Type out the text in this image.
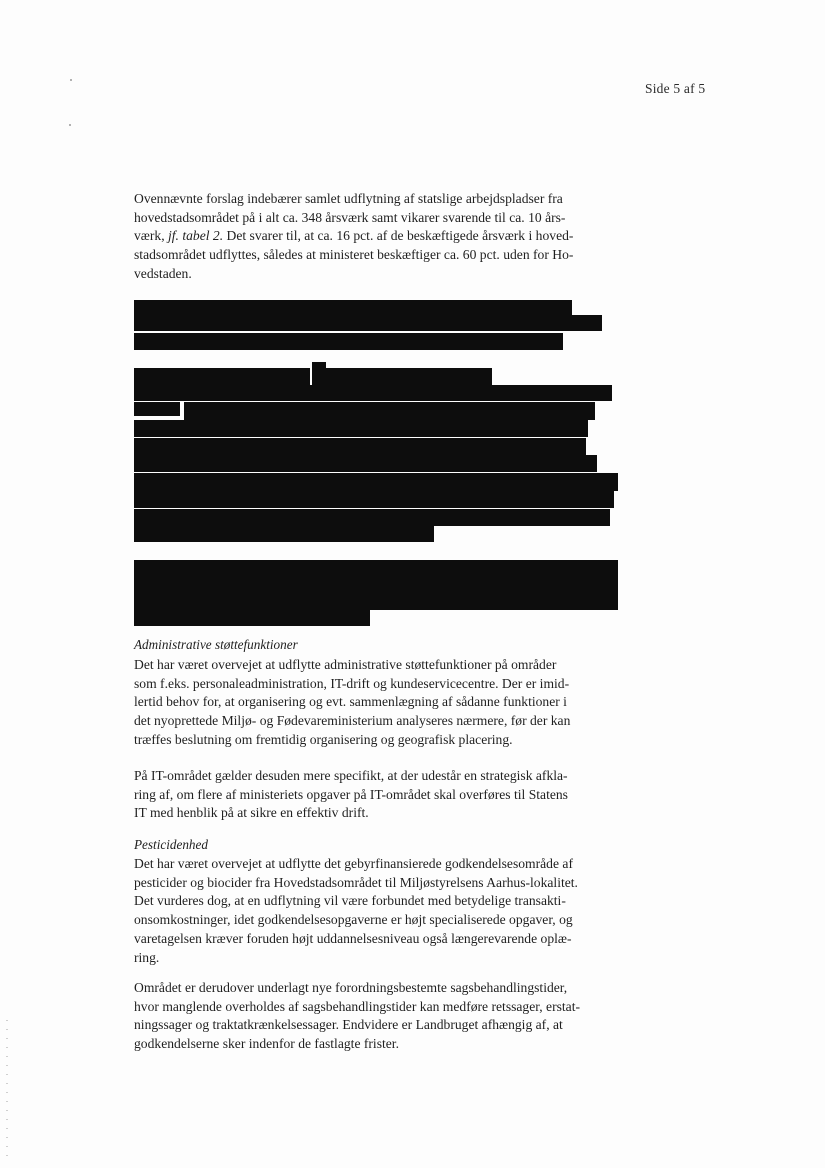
Side 5 af 5
Ovennævnte forslag indebærer samlet udflytning af statslige arbejdspladser fra
hovedstadsområdet på i alt ca. 348 årsværk samt vikarer svarende til ca. 10 års-
værk, jf. tabel 2. Det svarer til, at ca. 16 pct. af de beskæftigede årsværk i hoved-
stadsområdet udflyttes, således at ministeret beskæftiger ca. 60 pct. uden for Ho-
vedstaden.
Administrative støttefunktioner
Det har været overvejet at udflytte administrative støttefunktioner på områder
som f.eks. personaleadministration, IT-drift og kundeservicecentre. Der er imid-
lertid behov for, at organisering og evt. sammenlægning af sådanne funktioner i
det nyoprettede Miljø- og Fødevareministerium analyseres nærmere, før der kan
træffes beslutning om fremtidig organisering og geografisk placering.
På IT-området gælder desuden mere specifikt, at der udestår en strategisk afkla-
ring af, om flere af ministeriets opgaver på IT-området skal overføres til Statens
IT med henblik på at sikre en effektiv drift.
Pesticidenhed
Det har været overvejet at udflytte det gebyrfinansierede godkendelsesområde af
pesticider og biocider fra Hovedstadsområdet til Miljøstyrelsens Aarhus-lokalitet.
Det vurderes dog, at en udflytning vil være forbundet med betydelige transakti-
onsomkostninger, idet godkendelsesopgaverne er højt specialiserede opgaver, og
varetagelsen kræver foruden højt uddannelsesniveau også længerevarende oplæ-
ring.
Området er derudover underlagt nye forordningsbestemte sagsbehandlingstider,
hvor manglende overholdes af sagsbehandlingstider kan medføre retssager, erstat-
ningssager og traktatkrænkelsessager. Endvidere er Landbruget afhængig af, at
godkendelserne sker indenfor de fastlagte frister.
